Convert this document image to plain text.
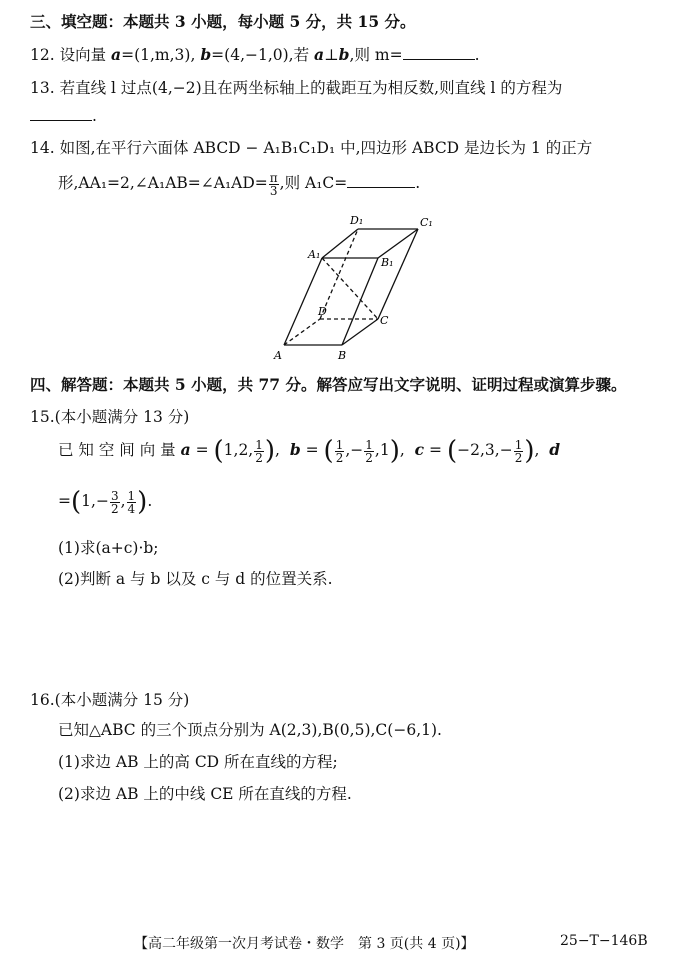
三、填空题：本题共 3 小题，每小题 5 分，共 15 分。
12. 设向量 a=(1,m,3), b=(4,−1,0),若 a⊥b,则 m=	.
13. 若直线 l 过点(4,−2)且在两坐标轴上的截距互为相反数,则直线 l 的方程为
.
14. 如图,在平行六面体 ABCD − A₁B₁C₁D₁ 中,四边形 ABCD 是边长为 1 的正方
形,AA₁=2,∠A₁AB=∠A₁AD= $\frac{\pi}{3}$ ,则 A₁C=	.
A	B
C
D
A₁
B₁
C₁
D₁
四、解答题：本题共 5 小题，共 77 分。解答应写出文字说明、证明过程或演算步骤。
15.(本小题满分 13 分)
已 知 空 间 向 量 a = (1,2, $\frac{1}{2}$ ), b = ( $\frac{1}{2}$ ,− $\frac{1}{2} ,1$), $c = (-2,3,- \frac{1}{2}$ ), d
$=(1,- \frac{3}{2}$ , $\frac{1}{4}$ ).
(1)求(a+c)·b;
(2)判断 a 与 b 以及 c 与 d 的位置关系.
16.(本小题满分 15 分)
已知△ABC 的三个顶点分别为 A(2,3),B(0,5),C(−6,1).
(1)求边 AB 上的高 CD 所在直线的方程;
(2)求边 AB 上的中线 CE 所在直线的方程.
【高二年级第一次月考试卷・数学　第 3 页(共 4 页)】	25−T−146B
